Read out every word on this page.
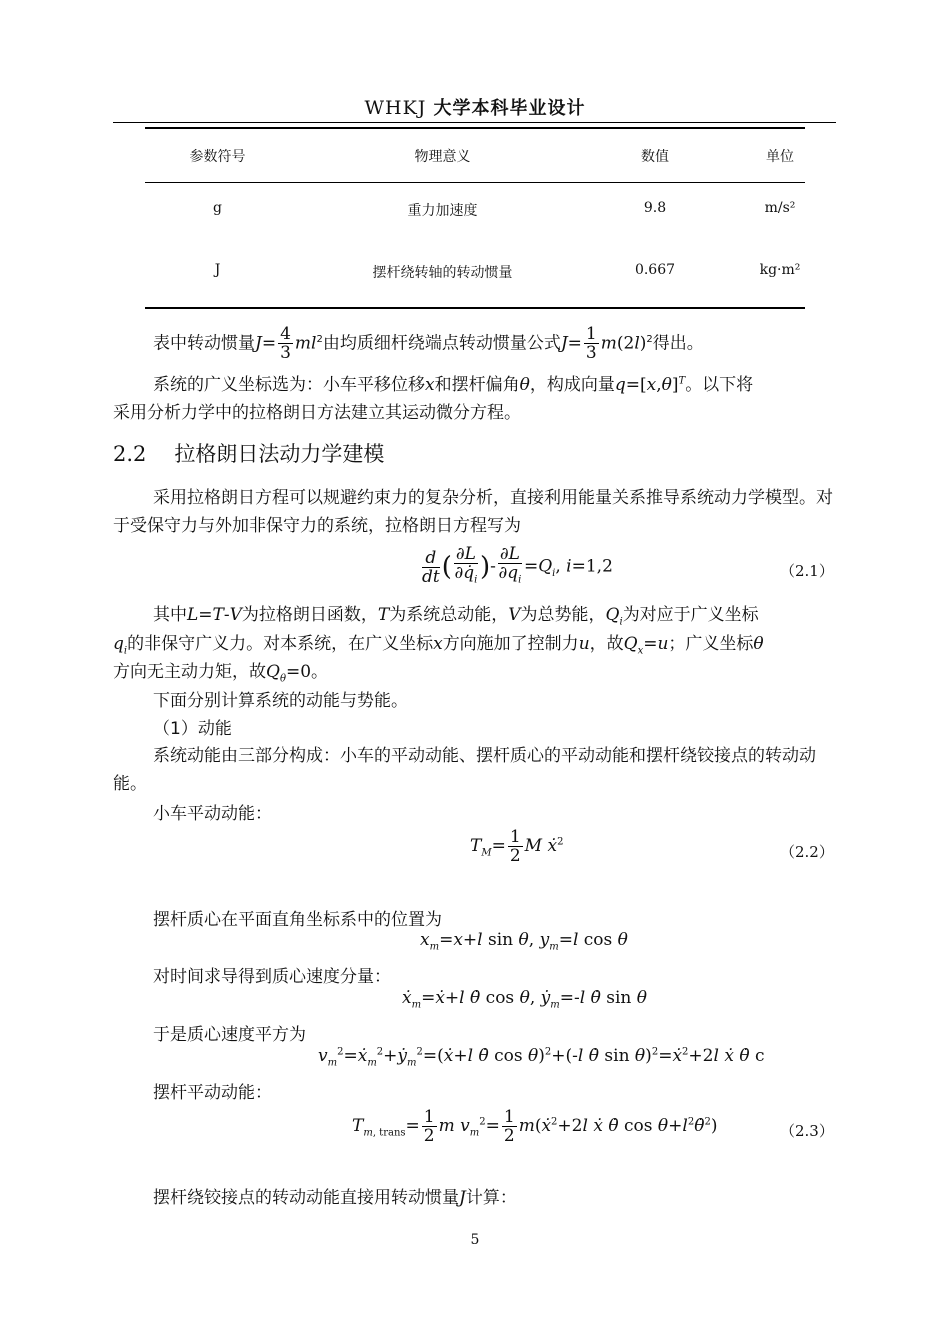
WHKJ 大学本科毕业设计
参数符号	物理意义	数值	单位
g	重力加速度	9.8	m/s²
J	摆杆绕转轴的转动惯量	0.667	kg·m²
表中转动惯量$J= \frac{4}{3} ml^2$由均质细杆绕端点转动惯量公式$J= \frac{1}{3} m(2l)^2$得出。
系统的广义坐标选为：小车平移位移x和摆杆偏角θ，构成向量$q=[x,\theta]^T$。以下将
采用分析力学中的拉格朗日方法建立其运动微分方程。
2.2 拉格朗日法动力学建模
采用拉格朗日方程可以规避约束力的复杂分析，直接利用能量关系推导系统动力学模型。对于受保守力与外加非保守力的系统，拉格朗日方程写为
$\frac{d}{dt}$ ( $\frac{\partial L}{\partial q̇_i}$ )- $\frac{\partial L}{\partial q_i} =Q_i$, i=1,2	（2.1）
其中L=T-V为拉格朗日函数，T为系统总动能，V为总势能，$Q_i$为对应于广义坐标
$q_i$的非保守广义力。对本系统，在广义坐标x方向施加了控制力u，故$Q_x=u$；广义坐标θ
方向无主动力矩，故$Q_\theta=0$。
下面分别计算系统的动能与势能。
（1）动能
系统动能由三部分构成：小车的平动动能、摆杆质心的平动动能和摆杆绕铰接点的转动动能。
小车平动动能：
$T_M= \frac{1}{2}$ M ẋ$^2$
（2.2）
摆杆质心在平面直角坐标系中的位置为
$x_m=x+l$ sin θ, $y_m=l$ cos θ
对时间求导得到质心速度分量：
ẋ$_m$=ẋ+l θ̇ cos θ, ẏ$_m$=-l θ̇ sin θ
于是质心速度平方为
$v_m^2=ẋ_m^2+ẏ_m^2=(ẋ+l$ θ̇ cos θ)$^2$+(-l θ̇ sin θ)$^2$=ẋ$^2$+2l ẋ θ̇ c
摆杆平动动能：
$T_{m, trans}= \frac{1}{2}$ m $v_m^2= \frac{1}{2}$ m(ẋ$^2$+2l ẋ θ̇ $\cos \theta+l^2\thetȧ^2$)	（2.3）
摆杆绕铰接点的转动动能直接用转动惯量J计算：
5
